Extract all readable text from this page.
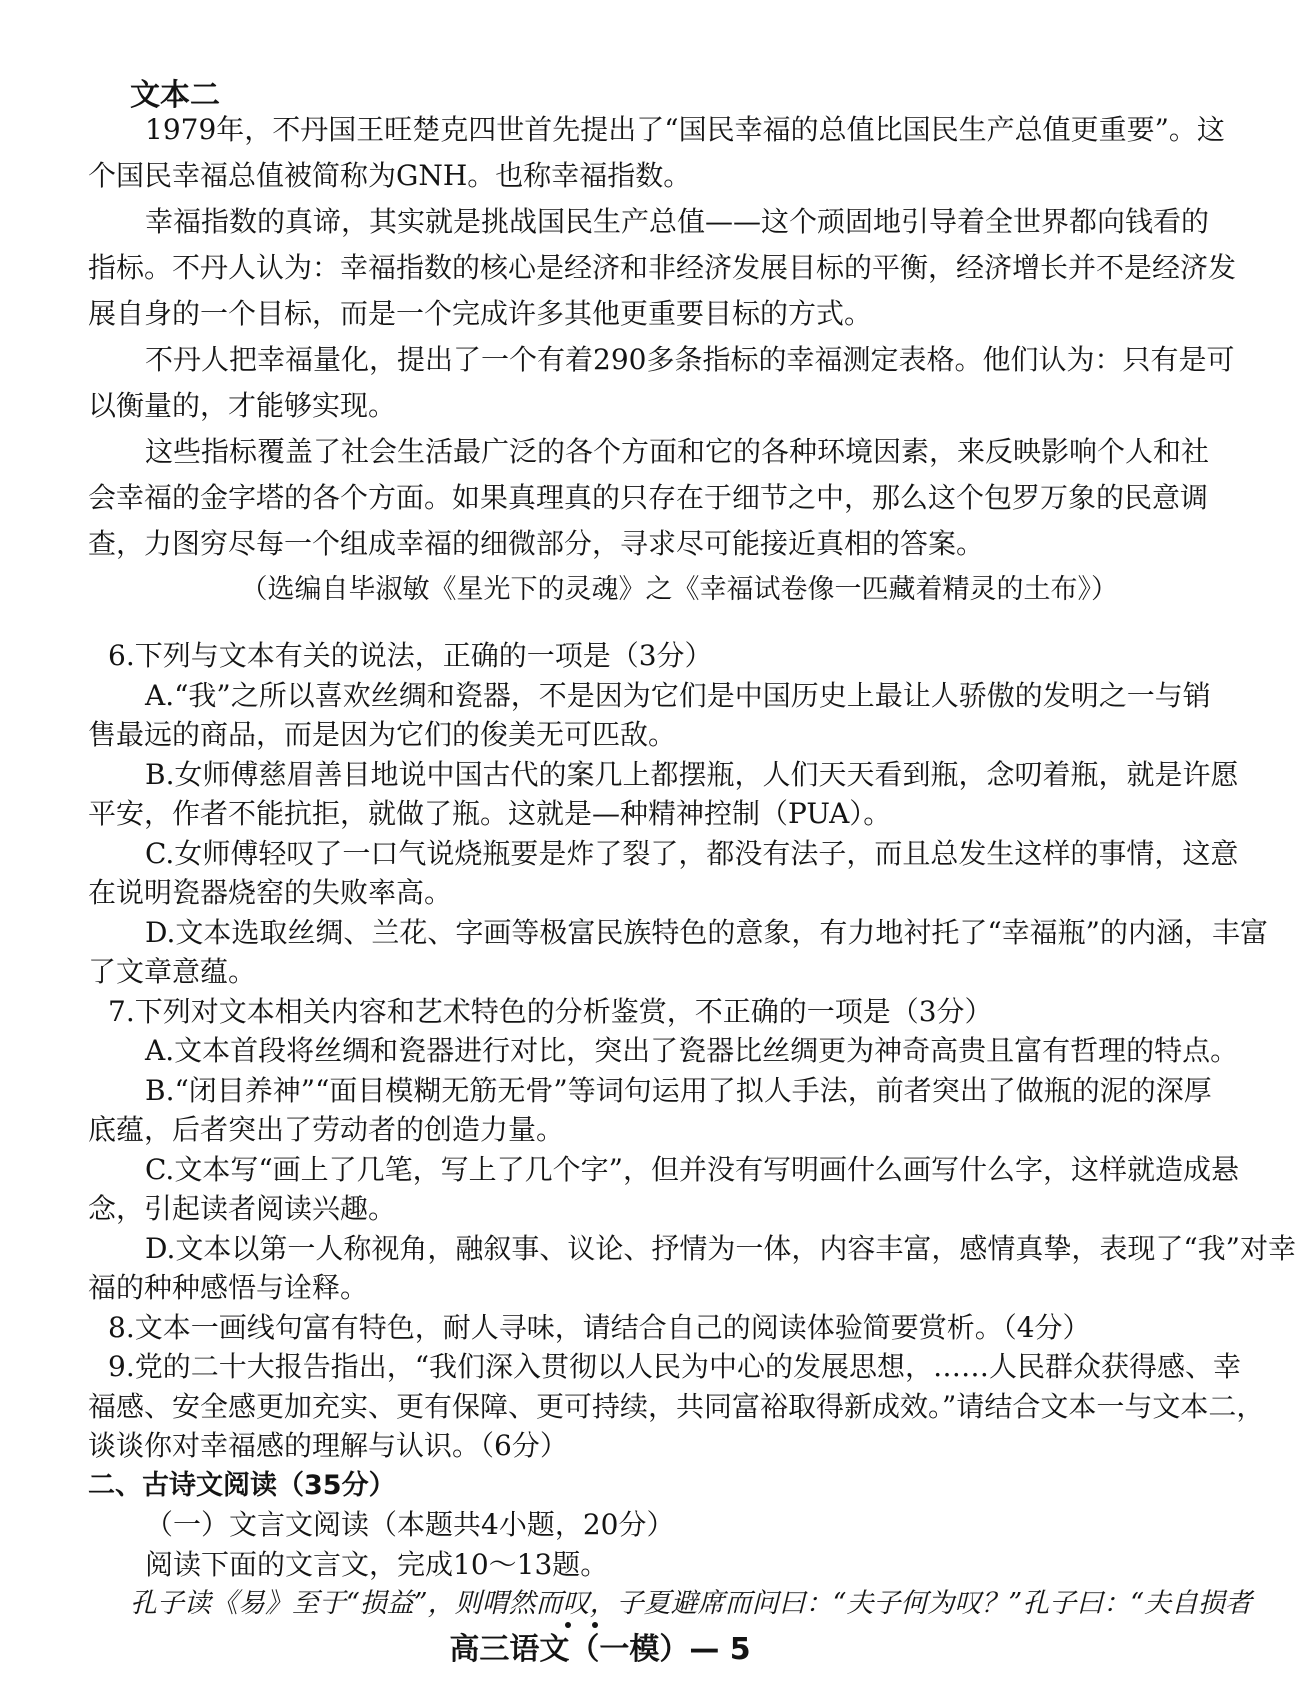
文本二
1979年，不丹国王旺楚克四世首先提出了“国民幸福的总值比国民生产总值更重要”。这
个国民幸福总值被简称为GNH。也称幸福指数。
幸福指数的真谛，其实就是挑战国民生产总值——这个顽固地引导着全世界都向钱看的
指标。不丹人认为：幸福指数的核心是经济和非经济发展目标的平衡，经济增长并不是经济发
展自身的一个目标，而是一个完成许多其他更重要目标的方式。
不丹人把幸福量化，提出了一个有着290多条指标的幸福测定表格。他们认为：只有是可
以衡量的，才能够实现。
这些指标覆盖了社会生活最广泛的各个方面和它的各种环境因素，来反映影响个人和社
会幸福的金字塔的各个方面。如果真理真的只存在于细节之中，那么这个包罗万象的民意调
查，力图穷尽每一个组成幸福的细微部分，寻求尽可能接近真相的答案。
（选编自毕淑敏《星光下的灵魂》之《幸福试卷像一匹藏着精灵的土布》）
6.下列与文本有关的说法，正确的一项是（3分）
A.“我”之所以喜欢丝绸和瓷器，不是因为它们是中国历史上最让人骄傲的发明之一与销
售最远的商品，而是因为它们的俊美无可匹敌。
B.女师傅慈眉善目地说中国古代的案几上都摆瓶，人们天天看到瓶，念叨着瓶，就是许愿
平安，作者不能抗拒，就做了瓶。这就是—种精神控制（PUA）。
C.女师傅轻叹了一口气说烧瓶要是炸了裂了，都没有法子，而且总发生这样的事情，这意
在说明瓷器烧窑的失败率高。
D.文本选取丝绸、兰花、字画等极富民族特色的意象，有力地衬托了“幸福瓶”的内涵，丰富
了文章意蕴。
7.下列对文本相关内容和艺术特色的分析鉴赏，不正确的一项是（3分）
A.文本首段将丝绸和瓷器进行对比，突出了瓷器比丝绸更为神奇高贵且富有哲理的特点。
B.“闭目养神”“面目模糊无筋无骨”等词句运用了拟人手法，前者突出了做瓶的泥的深厚
底蕴，后者突出了劳动者的创造力量。
C.文本写“画上了几笔，写上了几个字”，但并没有写明画什么画写什么字，这样就造成悬
念，引起读者阅读兴趣。
D.文本以第一人称视角，融叙事、议论、抒情为一体，内容丰富，感情真挚，表现了“我”对幸
福的种种感悟与诠释。
8.文本一画线句富有特色，耐人寻味，请结合自己的阅读体验简要赏析。（4分）
9.党的二十大报告指出，“我们深入贯彻以人民为中心的发展思想，……人民群众获得感、幸
福感、安全感更加充实、更有保障、更可持续，共同富裕取得新成效。”请结合文本一与文本二，
谈谈你对幸福感的理解与认识。（6分）
二、古诗文阅读（35分）
（一）文言文阅读（本题共4小题，20分）
阅读下面的文言文，完成10～13题。
孔子读《易》至于“损益”，则喟然而叹，子夏避席而问曰：“夫子何为叹？”孔子曰：“夫自损者
高三语文（一模）— 5
